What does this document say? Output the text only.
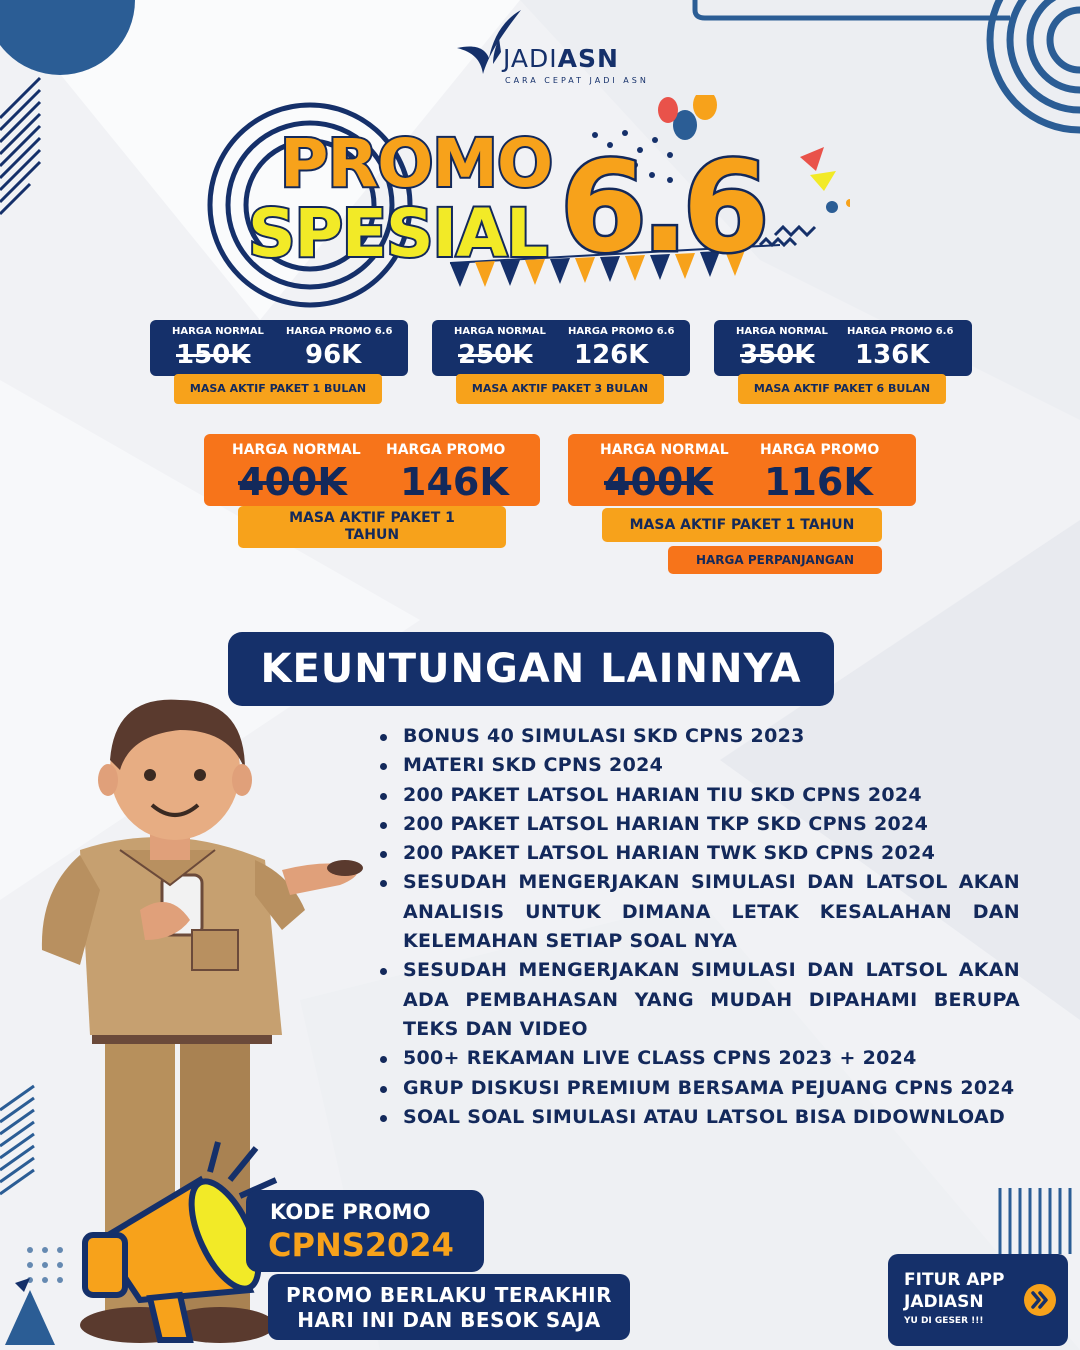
JADIASN
CARA CEPAT JADI ASN
PROMO
SPESIAL 6.6
HARGA NORMAL HARGA PROMO 6.6
150K 96K
MASA AKTIF PAKET 1 BULAN
HARGA NORMAL HARGA PROMO 6.6
250K 126K
MASA AKTIF PAKET 3 BULAN
HARGA NORMAL HARGA PROMO 6.6
350K 136K
MASA AKTIF PAKET 6 BULAN
HARGA NORMAL HARGA PROMO
400K 146K
MASA AKTIF PAKET 1
TAHUN
HARGA NORMAL HARGA PROMO
400K 116K
MASA AKTIF PAKET 1 TAHUN
HARGA PERPANJANGAN
KEUNTUNGAN LAINNYA
BONUS 40 SIMULASI SKD CPNS 2023
MATERI SKD CPNS 2024
200 PAKET LATSOL HARIAN TIU SKD CPNS 2024
200 PAKET LATSOL HARIAN TKP SKD CPNS 2024
200 PAKET LATSOL HARIAN TWK SKD CPNS 2024
SESUDAH MENGERJAKAN SIMULASI DAN LATSOL AKAN ANALISIS UNTUK DIMANA LETAK KESALAHAN DAN KELEMAHAN SETIAP SOAL NYA
SESUDAH MENGERJAKAN SIMULASI DAN LATSOL AKAN ADA PEMBAHASAN YANG MUDAH DIPAHAMI BERUPA TEKS DAN VIDEO
500+ REKAMAN LIVE CLASS CPNS 2023 + 2024
GRUP DISKUSI PREMIUM BERSAMA PEJUANG CPNS 2024
SOAL SOAL SIMULASI ATAU LATSOL BISA DIDOWNLOAD
KODE PROMO
CPNS2024
PROMO BERLAKU TERAKHIR
HARI INI DAN BESOK SAJA
FITUR APP
JADIASN
YU DI GESER !!!
